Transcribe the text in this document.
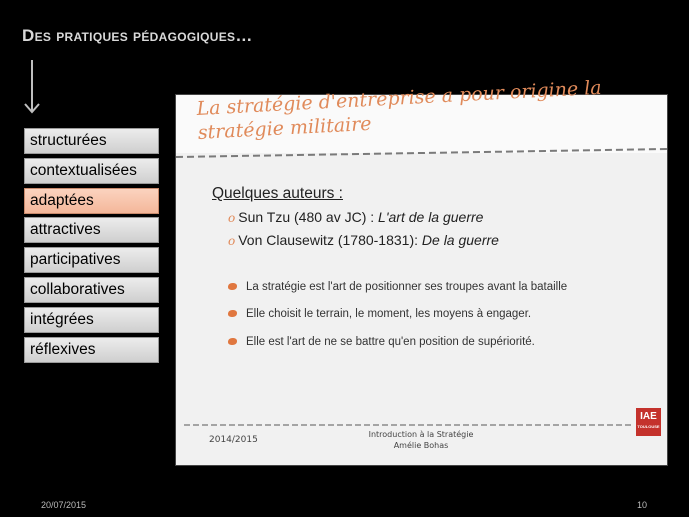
Des pratiques pédagogiques…
structurées
contextualisées
adaptées
attractives
participatives
collaboratives
intégrées
réflexives
La stratégie d'entreprise a pour origine la
stratégie militaire
Quelques auteurs :
o Sun Tzu (480 av JC) : L'art de la guerre
o Von Clausewitz (1780-1831): De la guerre
La stratégie est l'art de positionner ses troupes avant la bataille
Elle choisit le terrain, le moment, les moyens à engager.
Elle est l'art de ne se battre qu'en position de supériorité.
IAE
TOULOUSE
2014/2015
Introduction à la Stratégie
Amélie Bohas
20/07/2015	10
